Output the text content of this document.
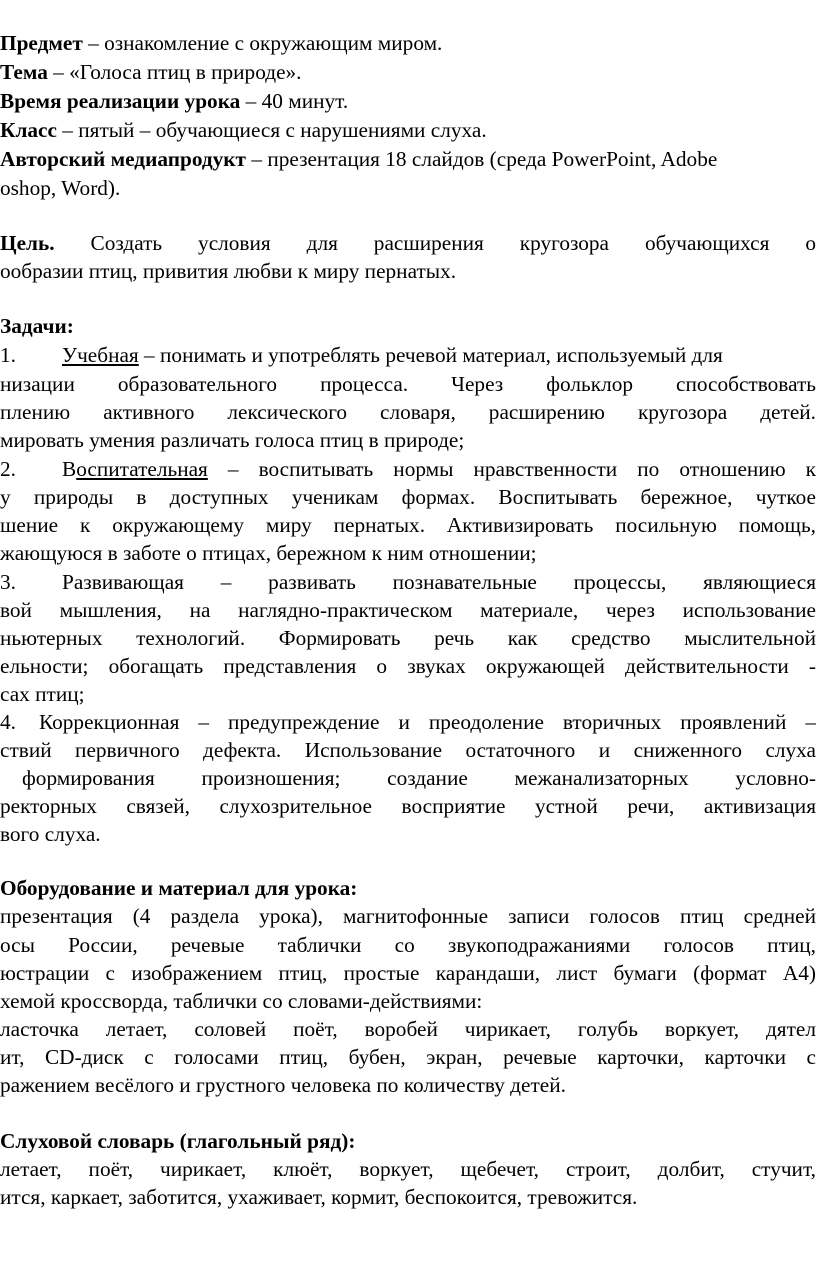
Предмет – ознакомление с окружающим миром.
Тема – «Голоса птиц в природе».
Время реализации урока – 40 минут.
Класс – пятый – обучающиеся с нарушениями слуха.
Авторский медиапродукт – презентация 18 слайдов (среда PowerPoint, Adobe
oshop, Word).
Цель. Создать условия для расширения кругозора обучающихся о
ообразии птиц, привития любви к миру пернатых.
Задачи:
1. Учебная – понимать и употреблять речевой материал, используемый для
низации образовательного процесса. Через фольклор способствовать
плению активного лексического словаря, расширению кругозора детей.
мировать умения различать голоса птиц в природе;
2. Воспитательная – воспитывать нормы нравственности по отношению к
у природы в доступных ученикам формах. Воспитывать бережное, чуткое
шение к окружающему миру пернатых. Активизировать посильную помощь,
жающуюся в заботе о птицах, бережном к ним отношении;
3. Развивающая – развивать познавательные процессы, являющиеся
вой мышления, на наглядно-практическом материале, через использование
ньютерных технологий. Формировать речь как средство мыслительной
ельности; обогащать представления о звуках окружающей действительности -
сах птиц;
4. Коррекционная – предупреждение и преодоление вторичных проявлений –
ствий первичного дефекта. Использование остаточного и сниженного слуха
формирования произношения; создание межанализаторных условно-
ректорных связей, слухозрительное восприятие устной речи, активизация
вого слуха.
Оборудование и материал для урока:
презентация (4 раздела урока), магнитофонные записи голосов птиц средней
осы России, речевые таблички со звукоподражаниями голосов птиц,
юстрации с изображением птиц, простые карандаши, лист бумаги (формат А4)
хемой кроссворда, таблички со словами-действиями:
ласточка летает, соловей поёт, воробей чирикает, голубь воркует, дятел
ит, CD-диск с голосами птиц, бубен, экран, речевые карточки, карточки с
ражением весёлого и грустного человека по количеству детей.
Слуховой словарь (глагольный ряд):
летает, поёт, чирикает, клюёт, воркует, щебечет, строит, долбит, стучит,
ится, каркает, заботится, ухаживает, кормит, беспокоится, тревожится.
